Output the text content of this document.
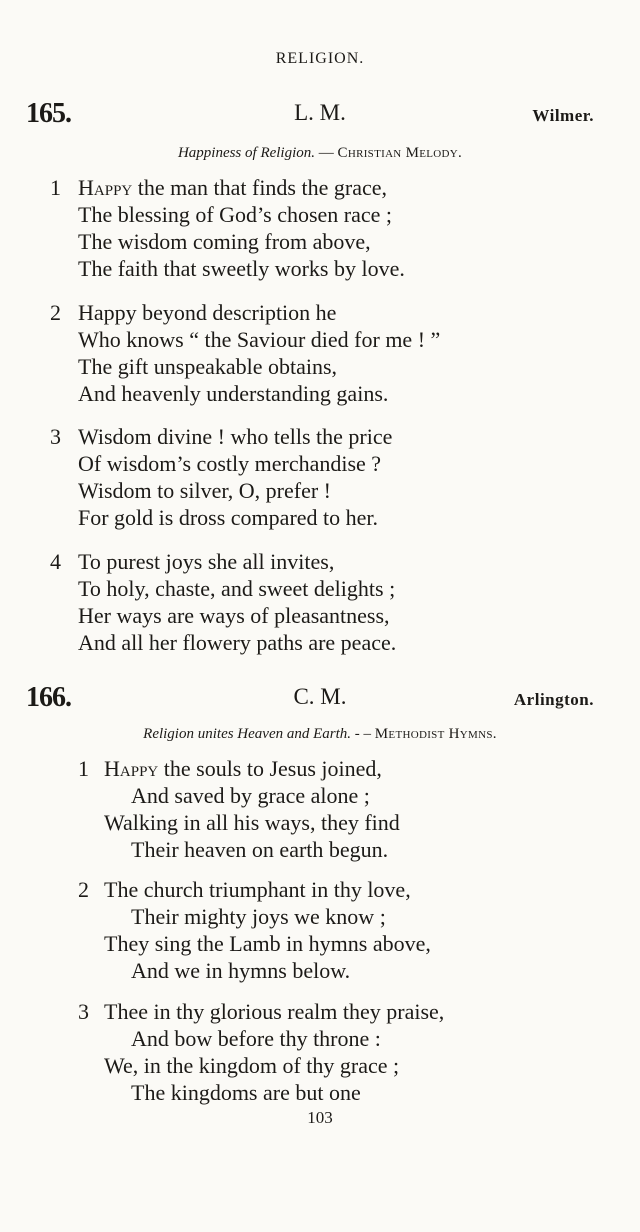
RELIGION.
165.	L. M.	Wilmer.
Happiness of Religion. — Christian Melody.
1 Happy the man that finds the grace,
The blessing of God’s chosen race ;
The wisdom coming from above,
The faith that sweetly works by love.
2 Happy beyond description he
Who knows “ the Saviour died for me ! ”
The gift unspeakable obtains,
And heavenly understanding gains.
3 Wisdom divine ! who tells the price
Of wisdom’s costly merchandise ?
Wisdom to silver, O, prefer !
For gold is dross compared to her.
4 To purest joys she all invites,
To holy, chaste, and sweet delights ;
Her ways are ways of pleasantness,
And all her flowery paths are peace.
166.	C. M.	Arlington.
Religion unites Heaven and Earth. - – Methodist Hymns.
1 Happy the souls to Jesus joined,
And saved by grace alone ;
Walking in all his ways, they find
Their heaven on earth begun.
2 The church triumphant in thy love,
Their mighty joys we know ;
They sing the Lamb in hymns above,
And we in hymns below.
3 Thee in thy glorious realm they praise,
And bow before thy throne :
We, in the kingdom of thy grace ;
The kingdoms are but one
103
